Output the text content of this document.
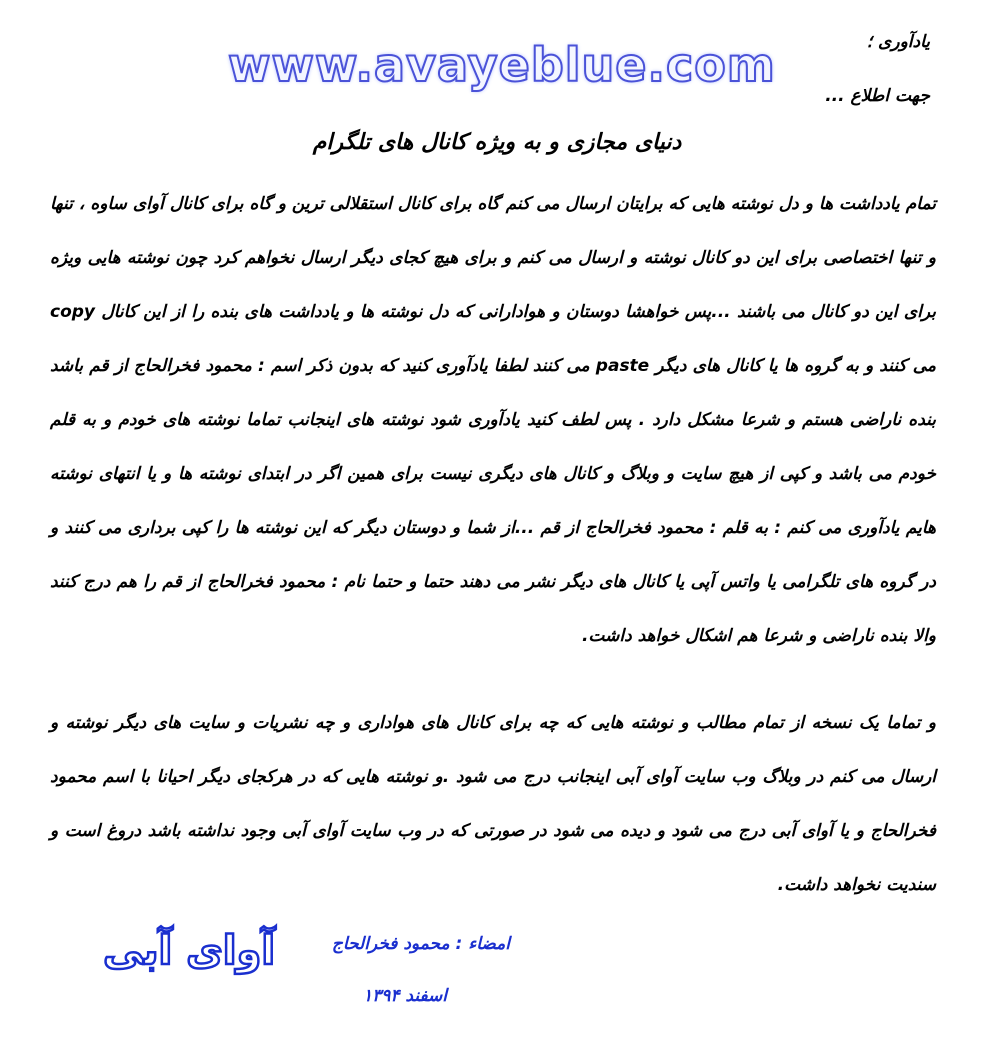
یادآوری ؛
جهت اطلاع ...
www.avayeblue.com
دنیای مجازی و به ویژه کانال های تلگرام
تمام یادداشت ها و دل نوشته هایی که برایتان ارسال می کنم گاه برای کانال استقلالی ترین و گاه برای کانال آوای ساوه ، تنها و تنها اختصاصی برای این دو کانال نوشته و ارسال می کنم و برای هیچ کجای دیگر ارسال نخواهم کرد چون نوشته هایی ویژه برای این دو کانال می باشند ...پس خواهشا دوستان و هوادارانی که دل نوشته ها و یادداشت های بنده را از این کانال copy می کنند و به گروه ها یا کانال های دیگر paste می کنند لطفا یادآوری کنید که بدون ذکر اسم : محمود فخرالحاج از قم باشد بنده ناراضی هستم و شرعا مشکل دارد . پس لطف کنید یادآوری شود نوشته های اینجانب تماما نوشته های خودم و به قلم خودم می باشد و کپی از هیچ سایت و وبلاگ و کانال های دیگری نیست برای همین اگر در ابتدای نوشته ها و یا انتهای نوشته هایم یادآوری می کنم : به قلم : محمود فخرالحاج از قم ...از شما و دوستان دیگر که این نوشته ها را کپی برداری می کنند و در گروه های تلگرامی یا واتس آپی یا کانال های دیگر نشر می دهند حتما و حتما نام : محمود فخرالحاج از قم را هم درج کنند والا بنده ناراضی و شرعا هم اشکال خواهد داشت.
و تماما یک نسخه از تمام مطالب و نوشته هایی که چه برای کانال های هواداری و چه نشریات و سایت های دیگر نوشته و ارسال می کنم در وبلاگ وب سایت آوای آبی اینجانب درج می شود .و نوشته هایی که در هرکجای دیگر احیانا با اسم محمود فخرالحاج و یا آوای آبی درج می شود و دیده می شود در صورتی که در وب سایت آوای آبی وجود نداشته باشد دروغ است و سندیت نخواهد داشت.
آوای آبی	امضاء : محمود فخرالحاج
اسفند ۱۳۹۴
